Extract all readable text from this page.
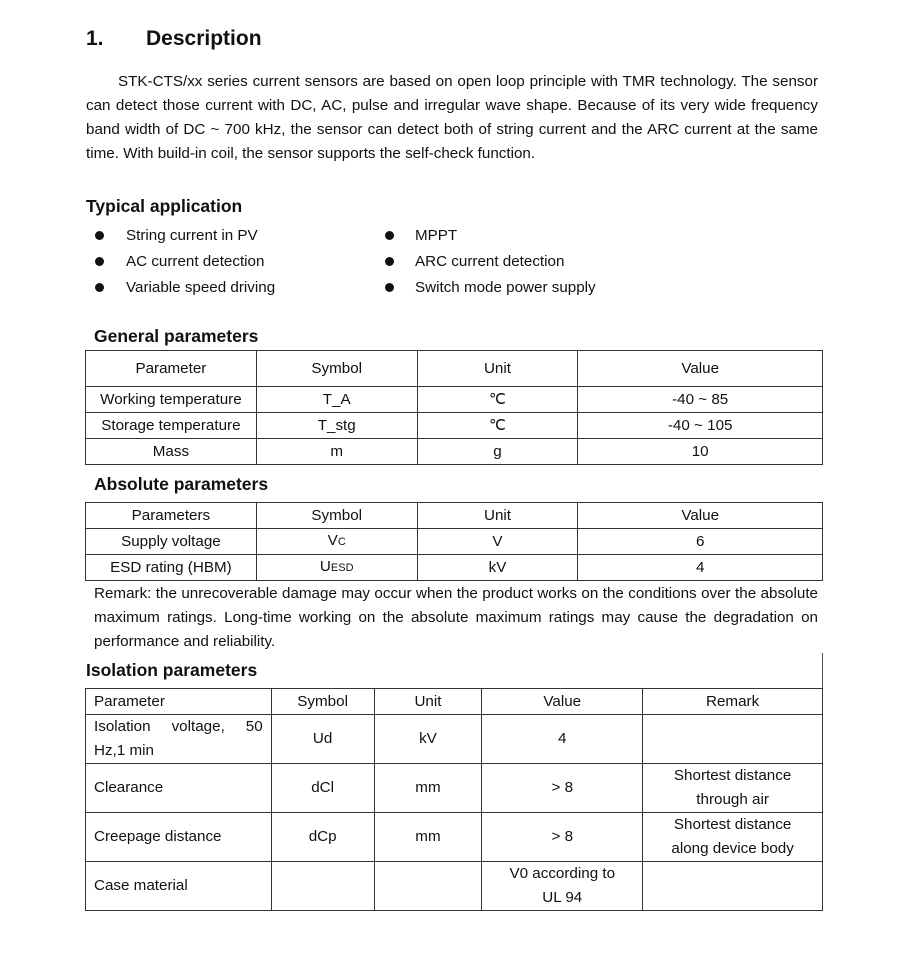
1. Description
STK-CTS/xx series current sensors are based on open loop principle with TMR technology. The sensor can detect those current with DC, AC, pulse and irregular wave shape. Because of its very wide frequency band width of DC ~ 700 kHz, the sensor can detect both of string current and the ARC current at the same time. With build-in coil, the sensor supports the self-check function.
Typical application
String current in PV
AC current detection
Variable speed driving
MPPT
ARC current detection
Switch mode power supply
General parameters
Parameter	Symbol	Unit	Value
Working temperature	T_A	℃	-40 ~ 85
Storage temperature	T_stg	℃	-40 ~ 105
Mass	m	g	10
Absolute parameters
Parameters	Symbol	Unit	Value
Supply voltage	VC	V	6
ESD rating (HBM)	UESD	kV	4
Remark: the unrecoverable damage may occur when the product works on the conditions over the absolute maximum ratings. Long-time working on the absolute maximum ratings may cause the degradation on performance and reliability.
Isolation parameters
Parameter	Symbol	Unit	Value	Remark
Isolation voltage, 50 Hz,1 min	Ud	kV	4	
Clearance	dCl	mm	> 8	Shortest distance through air
Creepage distance	dCp	mm	> 8	Shortest distance along device body
Case material			V0 according to UL 94	
